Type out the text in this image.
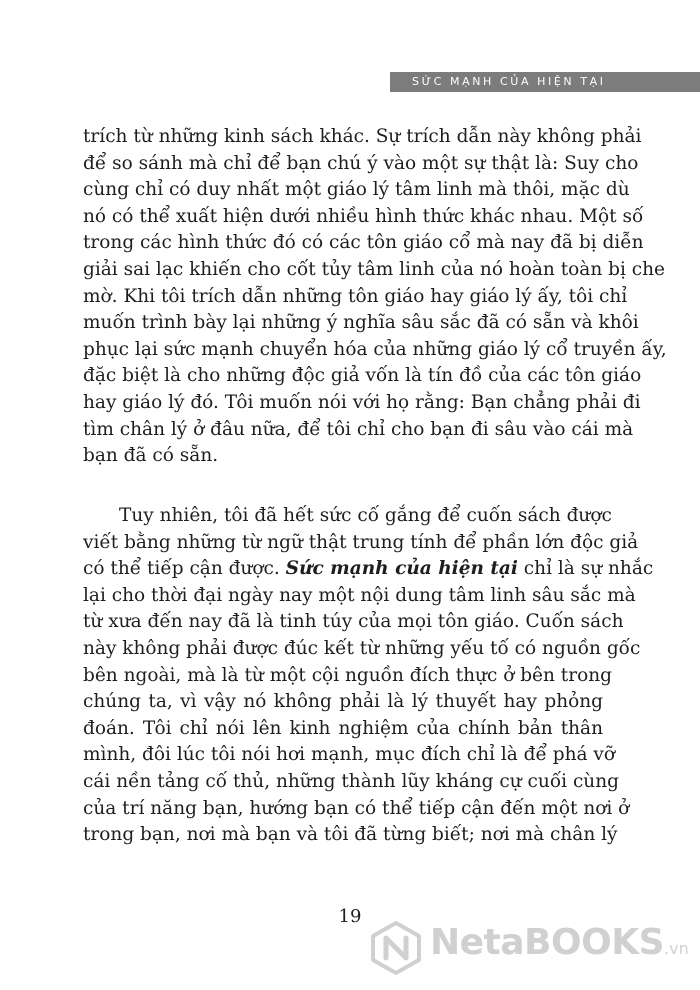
SỨC MẠNH CỦA HIỆN TẠI
trích từ những kinh sách khác. Sự trích dẫn này không phải
để so sánh mà chỉ để bạn chú ý vào một sự thật là: Suy cho
cùng chỉ có duy nhất một giáo lý tâm linh mà thôi, mặc dù
nó có thể xuất hiện dưới nhiều hình thức khác nhau. Một số
trong các hình thức đó có các tôn giáo cổ mà nay đã bị diễn
giải sai lạc khiến cho cốt tủy tâm linh của nó hoàn toàn bị che
mờ. Khi tôi trích dẫn những tôn giáo hay giáo lý ấy, tôi chỉ
muốn trình bày lại những ý nghĩa sâu sắc đã có sẵn và khôi
phục lại sức mạnh chuyển hóa của những giáo lý cổ truyền ấy,
đặc biệt là cho những độc giả vốn là tín đồ của các tôn giáo
hay giáo lý đó. Tôi muốn nói với họ rằng: Bạn chẳng phải đi
tìm chân lý ở đâu nữa, để tôi chỉ cho bạn đi sâu vào cái mà
bạn đã có sẵn.
Tuy nhiên, tôi đã hết sức cố gắng để cuốn sách được
viết bằng những từ ngữ thật trung tính để phần lớn độc giả
có thể tiếp cận được. Sức mạnh của hiện tại chỉ là sự nhắc
lại cho thời đại ngày nay một nội dung tâm linh sâu sắc mà
từ xưa đến nay đã là tinh túy của mọi tôn giáo. Cuốn sách
này không phải được đúc kết từ những yếu tố có nguồn gốc
bên ngoài, mà là từ một cội nguồn đích thực ở bên trong
chúng ta, vì vậy nó không phải là lý thuyết hay phỏng
đoán. Tôi chỉ nói lên kinh nghiệm của chính bản thân
mình, đôi lúc tôi nói hơi mạnh, mục đích chỉ là để phá vỡ
cái nền tảng cố thủ, những thành lũy kháng cự cuối cùng
của trí năng bạn, hướng bạn có thể tiếp cận đến một nơi ở
trong bạn, nơi mà bạn và tôi đã từng biết; nơi mà chân lý
19
NetaBOOKS.vn
